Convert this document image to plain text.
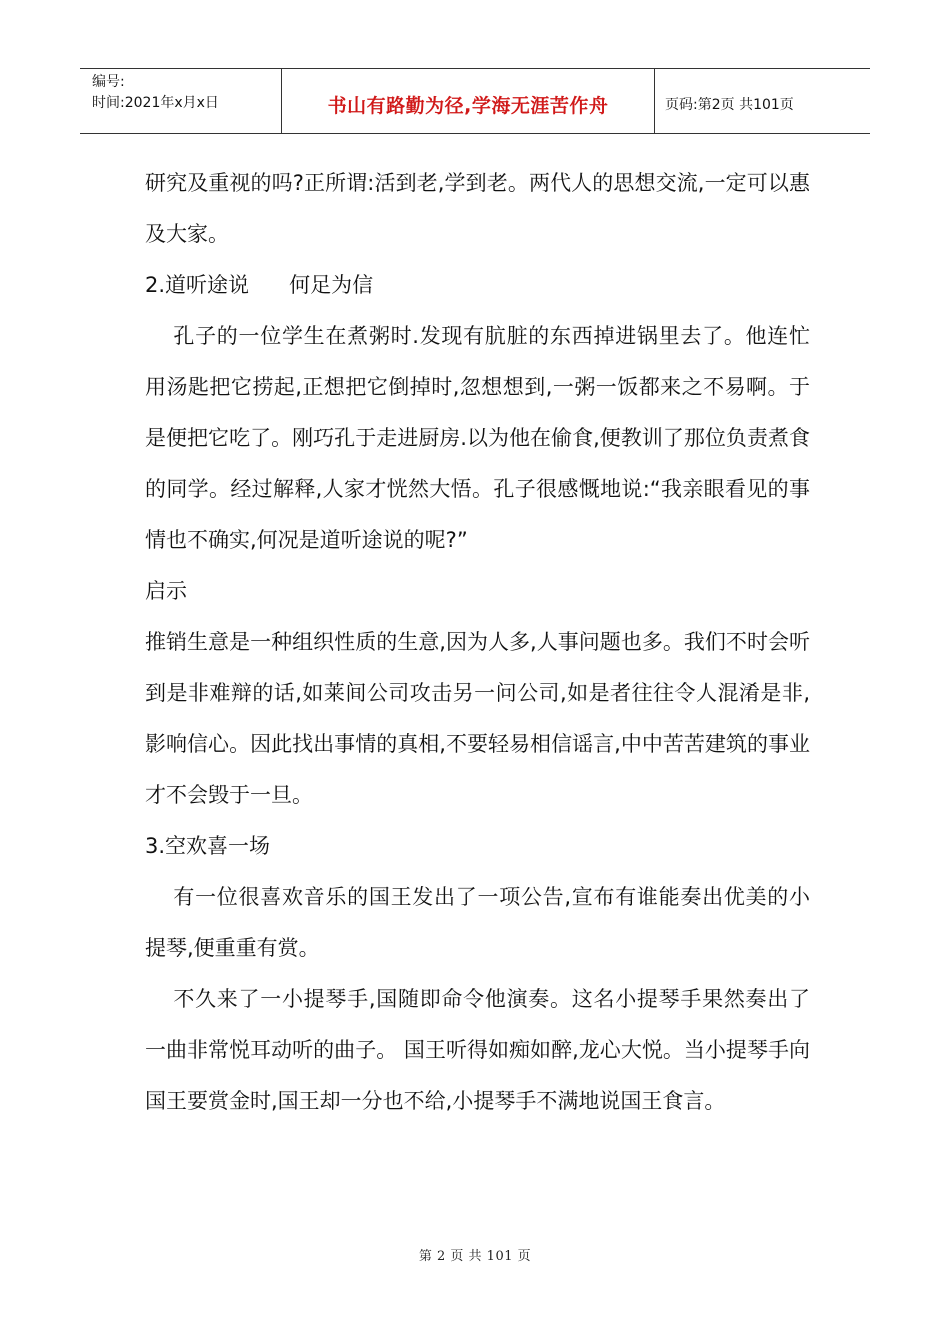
编号:
时间:2021年x月x日	书山有路勤为径,学海无涯苦作舟	页码:第2页 共101页

研究及重视的吗?正所谓:活到老,学到老。两代人的思想交流,一定可以惠及大家。

2.道听途说      何足为信

孔子的一位学生在煮粥时.发现有肮脏的东西掉进锅里去了。他连忙用汤匙把它捞起,正想把它倒掉时,忽想想到,一粥一饭都来之不易啊。于是便把它吃了。刚巧孔于走进厨房.以为他在偷食,便教训了那位负责煮食的同学。经过解释,人家才恍然大悟。孔子很感慨地说:“我亲眼看见的事情也不确实,何况是道听途说的呢?”

启示

推销生意是一种组织性质的生意,因为人多,人事问题也多。我们不时会听到是非难辩的话,如莱间公司攻击另一问公司,如是者往往令人混淆是非,影响信心。因此找出事情的真相,不要轻易相信谣言,中中苦苦建筑的事业才不会毁于一旦。

3.空欢喜一场

有一位很喜欢音乐的国王发出了一项公告,宣布有谁能奏出优美的小提琴,便重重有赏。

不久来了一小提琴手,国随即命令他演奏。这名小提琴手果然奏出了一曲非常悦耳动听的曲子。 国王听得如痴如醉,龙心大悦。当小提琴手向国王要赏金时,国王却一分也不给,小提琴手不满地说国王食言。

第 2 页 共 101 页
